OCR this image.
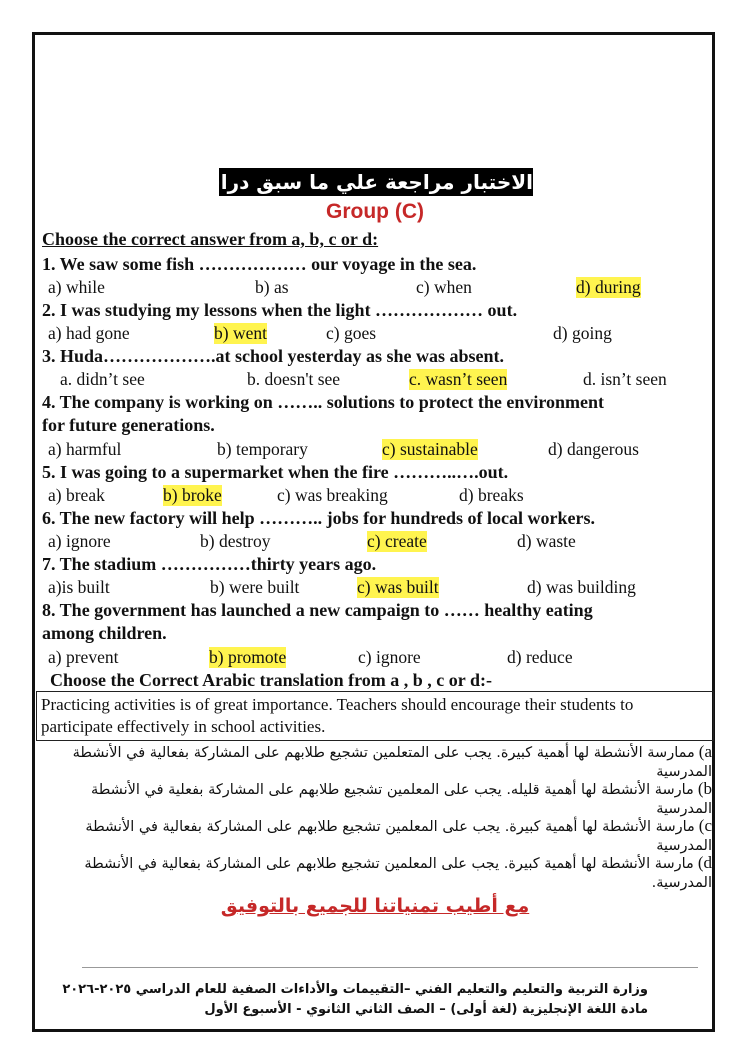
الاختبار مراجعة علي ما سبق دراستة
Group (C)
Choose the correct answer from a, b, c or d:
1. We saw some fish ……………… our voyage in the sea.
a) while	b) as	c) when	d) during
2. I was studying my lessons when the light ……………… out.
a) had gone	b) went	c) goes	d) going
3. Huda……………….at school yesterday as she was absent.
a. didn’t see	b. doesn't see	c. wasn’t seen	d. isn’t seen
4. The company is working on …….. solutions to protect the environment
for future generations.
a) harmful	b) temporary	c) sustainable	d) dangerous
5. I was going to a supermarket when the fire ………..….out.
a) break	b) broke	c) was breaking	d) breaks
6. The new factory will help ……….. jobs for hundreds of local workers.
a) ignore	b) destroy	c) create	d) waste
7. The stadium ……………thirty years ago.
a)is built	b) were built	c) was built	d) was building
8. The government has launched a new campaign to …… healthy eating
among children.
a) prevent	b) promote	c) ignore	d) reduce
Choose the Correct Arabic translation from a , b , c or d:-
Practicing activities is of great importance. Teachers should encourage their students to participate effectively in school activities.
a)ممارسة الأنشطة لها أهمية كبيرة. يجب على المتعلمين تشجيع طلابهم على المشاركة بفعالية في الأنشطة المدرسية
b)مارسة الأنشطة لها أهمية قليله. يجب على المعلمين تشجيع طلابهم على المشاركة بفعلية في الأنشطة المدرسية
c)مارسة الأنشطة لها أهمية كبيرة. يجب على المعلمين تشجيع طلابهم على المشاركة بفعالية في الأنشطة المدرسية
d)مارسة الأنشطة لها أهمية كبيرة. يجب على المعلمين تشجيع طلابهم على المشاركة بفعالية في الأنشطة المدرسية.
مع أطيب تمنياتنا للجميع بالتوفيق
وزارة التربية والتعليم والتعليم الفني –التقييمات والأداءات الصفية للعام الدراسي ٢٠٢٥-٢٠٢٦
مادة اللغة الإنجليزية (لغة أولى) – الصف الثاني الثانوي - الأسبوع الأول
